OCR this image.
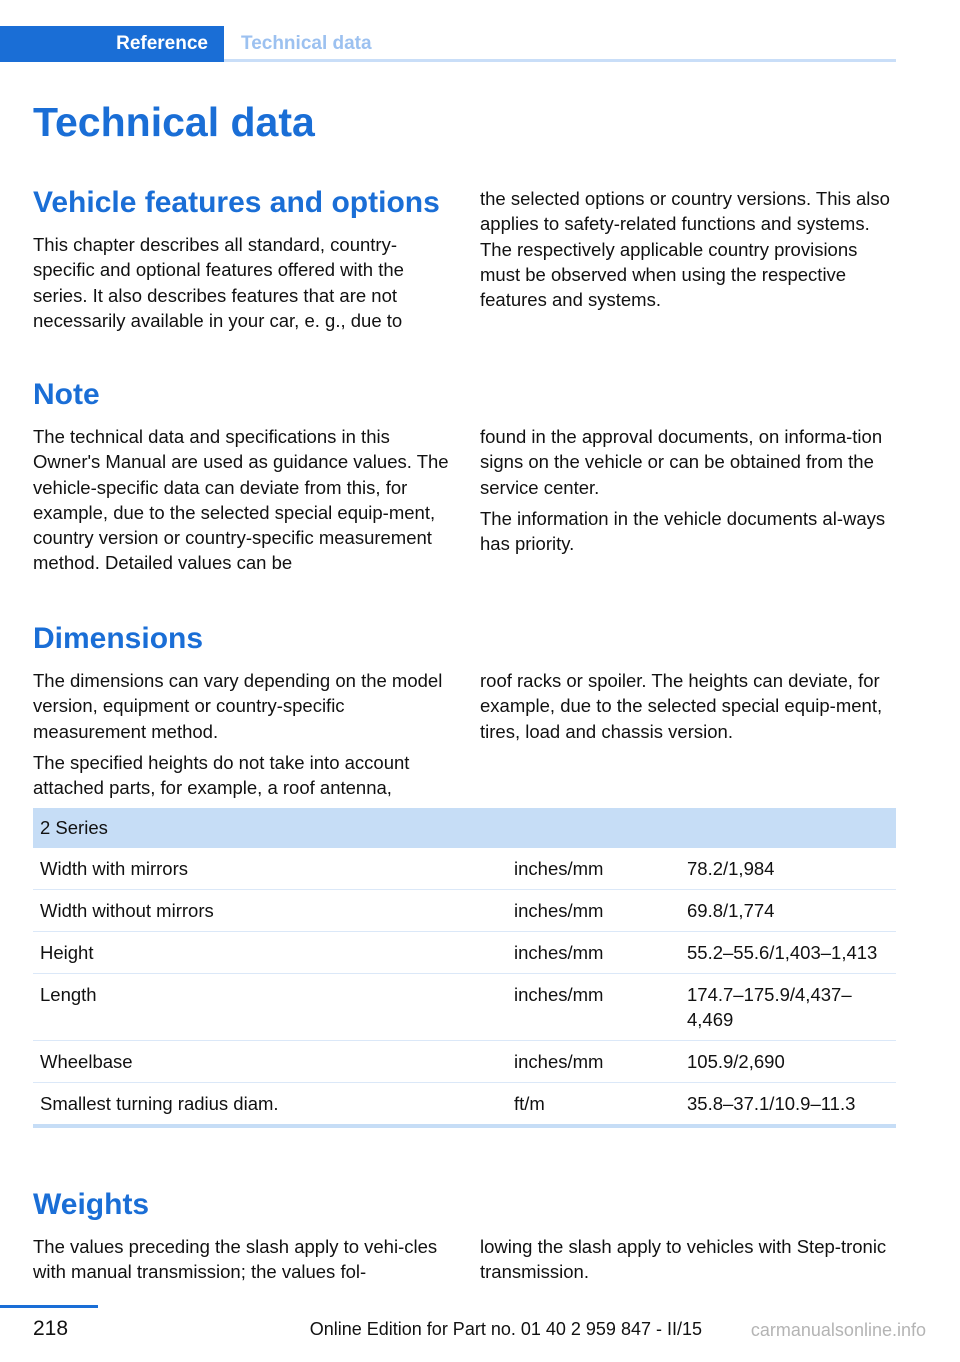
Reference	Technical data
Technical data
Vehicle features and options

This chapter describes all standard, country-specific and optional features offered with the series. It also describes features that are not necessarily available in your car, e. g., due to

the selected options or country versions. This also applies to safety-related functions and systems. The respectively applicable country provisions must be observed when using the respective features and systems.

Note

The technical data and specifications in this Owner's Manual are used as guidance values. The vehicle-specific data can deviate from this, for example, due to the selected special equip-ment, country version or country-specific measurement method. Detailed values can be

found in the approval documents, on informa-tion signs on the vehicle or can be obtained from the service center.

The information in the vehicle documents al-ways has priority.

Dimensions

The dimensions can vary depending on the model version, equipment or country-specific measurement method.

The specified heights do not take into account attached parts, for example, a roof antenna,

roof racks or spoiler. The heights can deviate, for example, due to the selected special equip-ment, tires, load and chassis version.

2 Series		
Width with mirrors	inches/mm	78.2/1,984
Width without mirrors	inches/mm	69.8/1,774
Height	inches/mm	55.2–55.6/1,403–1,413
Length	inches/mm	174.7–175.9/4,437–4,469
Wheelbase	inches/mm	105.9/2,690
Smallest turning radius diam.	ft/m	35.8–37.1/10.9–11.3
Weights

The values preceding the slash apply to vehi-cles with manual transmission; the values fol-

lowing the slash apply to vehicles with Step-tronic transmission.

218	Online Edition for Part no. 01 40 2 959 847 - II/15	carmanualsonline.info
